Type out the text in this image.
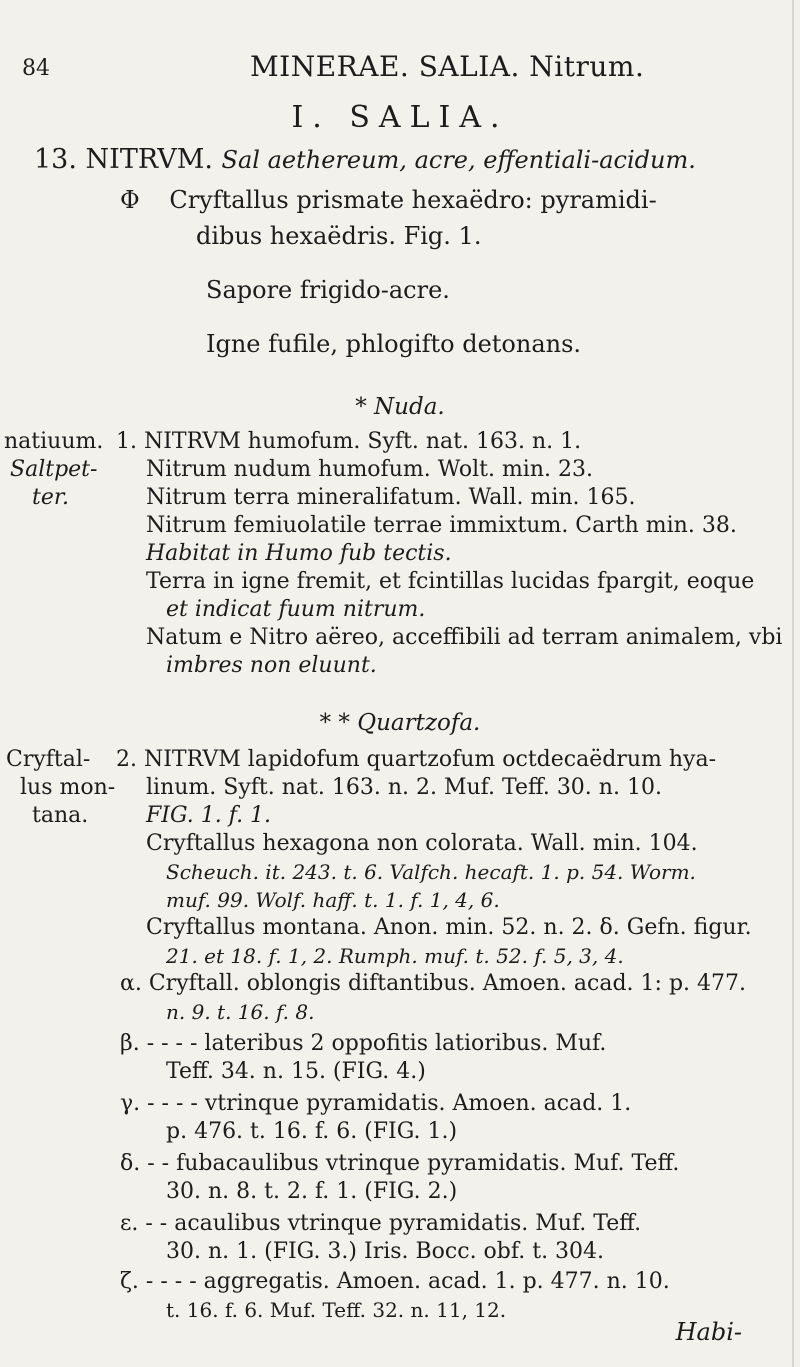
84	MINERAE. SALIA. Nitrum.
I. SALIA.
13. NITRVM. Sal aethereum, acre, effentiali-acidum.
Φ Cryftallus prismate hexaëdro: pyramidi-
dibus hexaëdris. Fig. 1.
Sapore frigido-acre.
Igne fufile, phlogifto detonans.
* Nuda.
natiuum.
Saltpet-
ter.
1. NITRVM humofum. Syft. nat. 163. n. 1.
Nitrum nudum humofum. Wolt. min. 23.
Nitrum terra mineralifatum. Wall. min. 165.
Nitrum femiuolatile terrae immixtum. Carth min. 38.
Habitat in Humo fub tectis.
Terra in igne fremit, et fcintillas lucidas fpargit, eoque
et indicat fuum nitrum.
Natum e Nitro aëreo, acceffibili ad terram animalem, vbi
imbres non eluunt.
* * Quartzofa.
Cryftal-
lus mon-
tana.
2. NITRVM lapidofum quartzofum octdecaëdrum hya-
linum. Syft. nat. 163. n. 2. Muf. Teff. 30. n. 10.
FIG. 1. f. 1.
Cryftallus hexagona non colorata. Wall. min. 104.
Scheuch. it. 243. t. 6. Valfch. hecaft. 1. p. 54. Worm.
muf. 99. Wolf. haff. t. 1. f. 1, 4, 6.
Cryftallus montana. Anon. min. 52. n. 2. δ. Gefn. figur.
21. et 18. f. 1, 2. Rumph. muf. t. 52. f. 5, 3, 4.
α. Cryftall. oblongis diftantibus. Amoen. acad. 1: p. 477.
n. 9. t. 16. f. 8.
β. - - - - lateribus 2 oppofitis latioribus. Muf.
Teff. 34. n. 15. (FIG. 4.)
γ. - - - - vtrinque pyramidatis. Amoen. acad. 1.
p. 476. t. 16. f. 6. (FIG. 1.)
δ. - - fubacaulibus vtrinque pyramidatis. Muf. Teff.
30. n. 8. t. 2. f. 1. (FIG. 2.)
ε. - - acaulibus vtrinque pyramidatis. Muf. Teff.
30. n. 1. (FIG. 3.) Iris. Bocc. obf. t. 304.
ζ. - - - - aggregatis. Amoen. acad. 1. p. 477. n. 10.
t. 16. f. 6. Muf. Teff. 32. n. 11, 12.
Habi-
